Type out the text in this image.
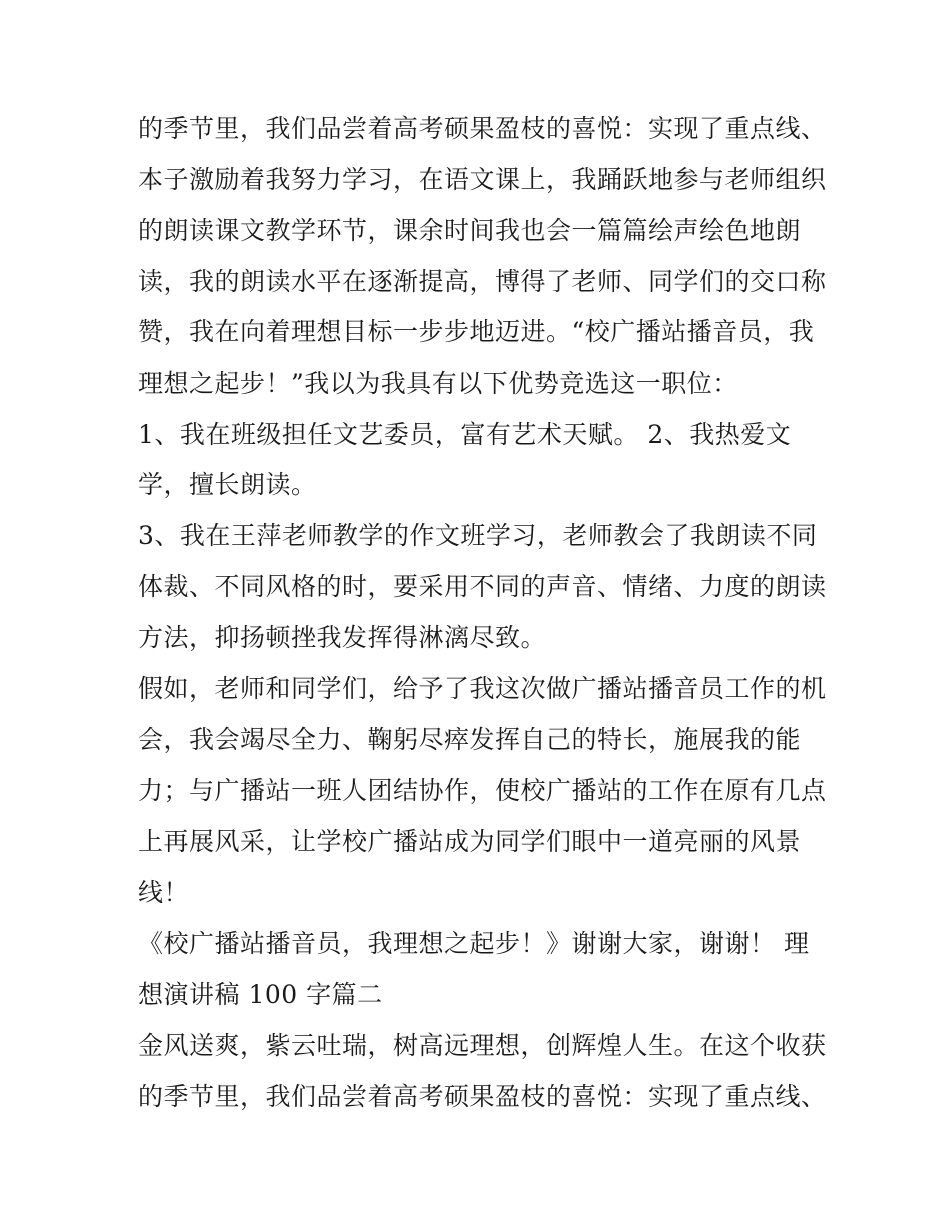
的季节里，我们品尝着高考硕果盈枝的喜悦：实现了重点线、
本子激励着我努力学习，在语文课上，我踊跃地参与老师组织
的朗读课文教学环节，课余时间我也会一篇篇绘声绘色地朗
读，我的朗读水平在逐渐提高，博得了老师、同学们的交口称
赞，我在向着理想目标一步步地迈进。“校广播站播音员，我
理想之起步！”我以为我具有以下优势竞选这一职位：
1、我在班级担任文艺委员，富有艺术天赋。 2、我热爱文
学，擅长朗读。
3、我在王萍老师教学的作文班学习，老师教会了我朗读不同
体裁、不同风格的时，要采用不同的声音、情绪、力度的朗读
方法，抑扬顿挫我发挥得淋漓尽致。
假如，老师和同学们，给予了我这次做广播站播音员工作的机
会，我会竭尽全力、鞠躬尽瘁发挥自己的特长，施展我的能
力；与广播站一班人团结协作，使校广播站的工作在原有几点
上再展风采，让学校广播站成为同学们眼中一道亮丽的风景
线！
《校广播站播音员，我理想之起步！》谢谢大家，谢谢！ 理
想演讲稿 100 字篇二
金风送爽，紫云吐瑞，树高远理想，创辉煌人生。在这个收获
的季节里，我们品尝着高考硕果盈枝的喜悦：实现了重点线、
